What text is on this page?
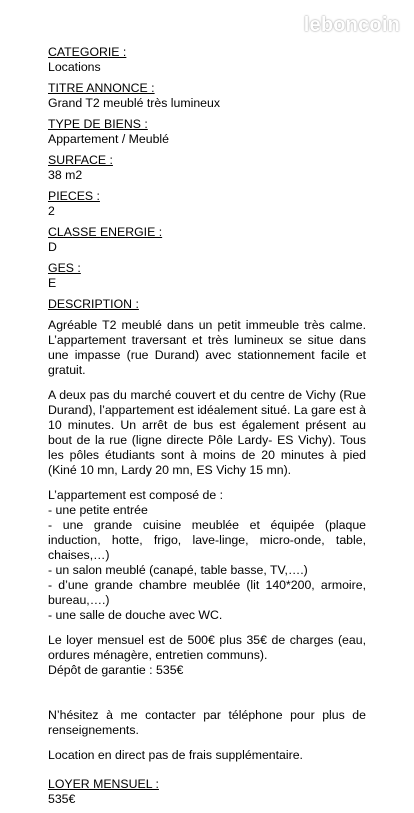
leboncoin
CATEGORIE :
Locations
TITRE ANNONCE :
Grand T2 meublé très lumineux
TYPE DE BIENS :
Appartement / Meublé
SURFACE :
38 m2
PIECES :
2
CLASSE ENERGIE :
D
GES :
E
DESCRIPTION :
Agréable T2 meublé dans un petit immeuble très calme. L’appartement traversant et très lumineux se situe dans une impasse (rue Durand) avec stationnement facile et gratuit.
A deux pas du marché couvert et du centre de Vichy (Rue Durand), l’appartement est idéalement situé. La gare est à 10 minutes. Un arrêt de bus est également présent au bout de la rue (ligne directe Pôle Lardy- ES Vichy). Tous les pôles étudiants sont à moins de 20 minutes à pied (Kiné 10 mn, Lardy 20 mn, ES Vichy 15 mn).
L’appartement est composé de :
- une petite entrée
- une grande cuisine meublée et équipée (plaque induction, hotte, frigo, lave-linge, micro-onde, table, chaises,…)
- un salon meublé (canapé, table basse, TV,….)
- d’une grande chambre meublée (lit 140*200, armoire, bureau,….)
- une salle de douche avec WC.
Le loyer mensuel est de 500€ plus 35€ de charges (eau, ordures ménagère, entretien communs).
Dépôt de garantie : 535€
N’hésitez à me contacter par téléphone pour plus de renseignements.
Location en direct pas de frais supplémentaire.
LOYER MENSUEL :
535€
